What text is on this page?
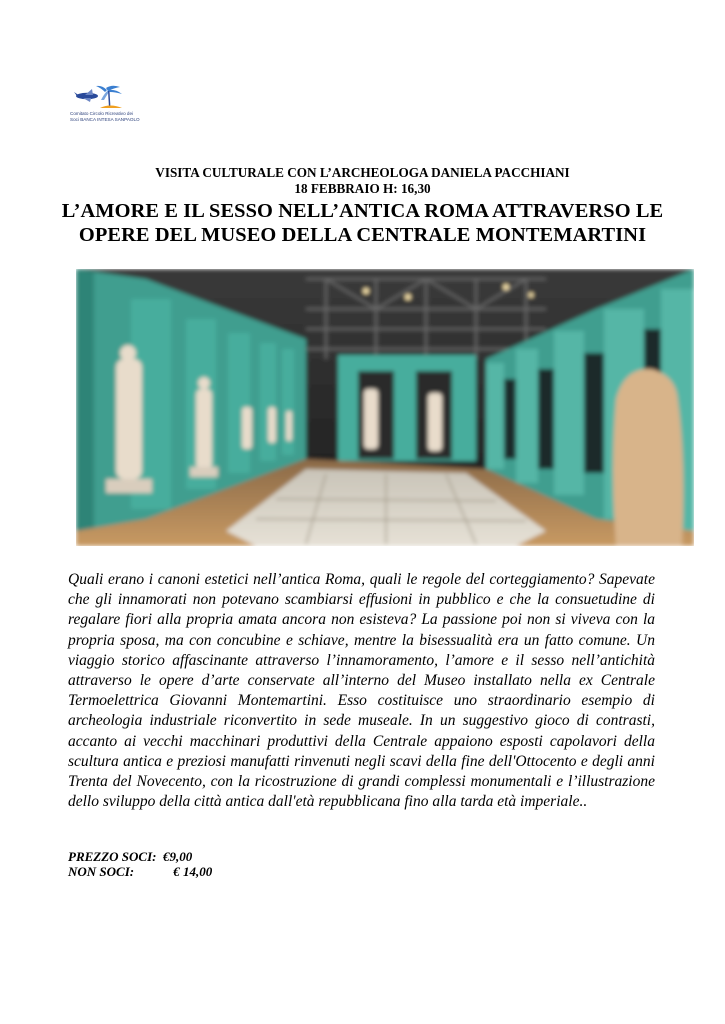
Comitato Circolo Ricreativo dei
Soci BANCA INTESA SANPAOLO
VISITA CULTURALE CON L’ARCHEOLOGA DANIELA PACCHIANI
18 FEBBRAIO H: 16,30
L’AMORE E IL SESSO NELL’ANTICA ROMA ATTRAVERSO LE
OPERE DEL MUSEO DELLA CENTRALE MONTEMARTINI
Quali erano i canoni estetici nell’antica Roma, quali le regole del corteggiamento? Sapevate che gli innamorati non potevano scambiarsi effusioni in pubblico e che la consuetudine di regalare fiori alla propria amata ancora non esisteva? La passione poi non si viveva con la propria sposa, ma con concubine e schiave, mentre la bisessualità era un fatto comune. Un viaggio storico affascinante attraverso l’innamoramento, l’amore e il sesso nell’antichità attraverso le opere d’arte conservate all’interno del Museo installato nella ex Centrale Termoelettrica Giovanni Montemartini. Esso costituisce uno straordinario esempio di archeologia industriale riconvertito in sede museale. In un suggestivo gioco di contrasti, accanto ai vecchi macchinari produttivi della Centrale appaiono esposti capolavori della scultura antica e preziosi manufatti rinvenuti negli scavi della fine dell'Ottocento e degli anni Trenta del Novecento, con la ricostruzione di grandi complessi monumentali e l’illustrazione dello sviluppo della città antica dall'età repubblicana fino alla tarda età imperiale..
PREZZO SOCI: €9,00
NON SOCI:	€ 14,00
